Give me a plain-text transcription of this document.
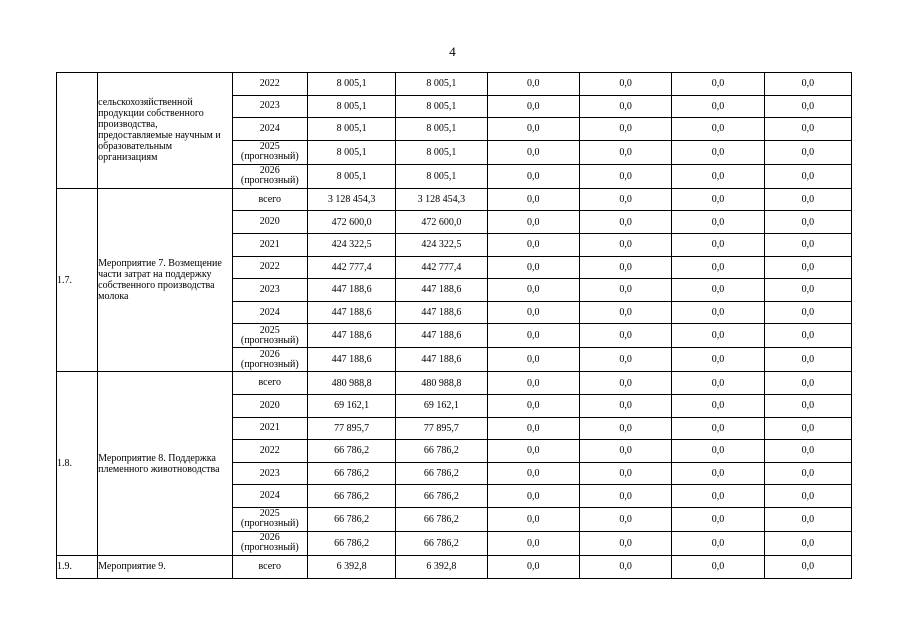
4
	сельскохозяйственной продукции собственного производства, предоставляемые научным и образовательным организациям	2022	8 005,1	8 005,1	0,0	0,0	0,0	0,0
		2023	8 005,1	8 005,1	0,0	0,0	0,0	0,0
		2024	8 005,1	8 005,1	0,0	0,0	0,0	0,0
		2025 (прогнозный)	8 005,1	8 005,1	0,0	0,0	0,0	0,0
		2026 (прогнозный)	8 005,1	8 005,1	0,0	0,0	0,0	0,0
1.7.	Мероприятие 7. Возмещение части затрат на поддержку собственного производства молока	всего	3 128 454,3	3 128 454,3	0,0	0,0	0,0	0,0
		2020	472 600,0	472 600,0	0,0	0,0	0,0	0,0
		2021	424 322,5	424 322,5	0,0	0,0	0,0	0,0
		2022	442 777,4	442 777,4	0,0	0,0	0,0	0,0
		2023	447 188,6	447 188,6	0,0	0,0	0,0	0,0
		2024	447 188,6	447 188,6	0,0	0,0	0,0	0,0
		2025 (прогнозный)	447 188,6	447 188,6	0,0	0,0	0,0	0,0
		2026 (прогнозный)	447 188,6	447 188,6	0,0	0,0	0,0	0,0
1.8.	Мероприятие 8. Поддержка племенного животноводства	всего	480 988,8	480 988,8	0,0	0,0	0,0	0,0
		2020	69 162,1	69 162,1	0,0	0,0	0,0	0,0
		2021	77 895,7	77 895,7	0,0	0,0	0,0	0,0
		2022	66 786,2	66 786,2	0,0	0,0	0,0	0,0
		2023	66 786,2	66 786,2	0,0	0,0	0,0	0,0
		2024	66 786,2	66 786,2	0,0	0,0	0,0	0,0
		2025 (прогнозный)	66 786,2	66 786,2	0,0	0,0	0,0	0,0
		2026 (прогнозный)	66 786,2	66 786,2	0,0	0,0	0,0	0,0
1.9.	Мероприятие 9.	всего	6 392,8	6 392,8	0,0	0,0	0,0	0,0
